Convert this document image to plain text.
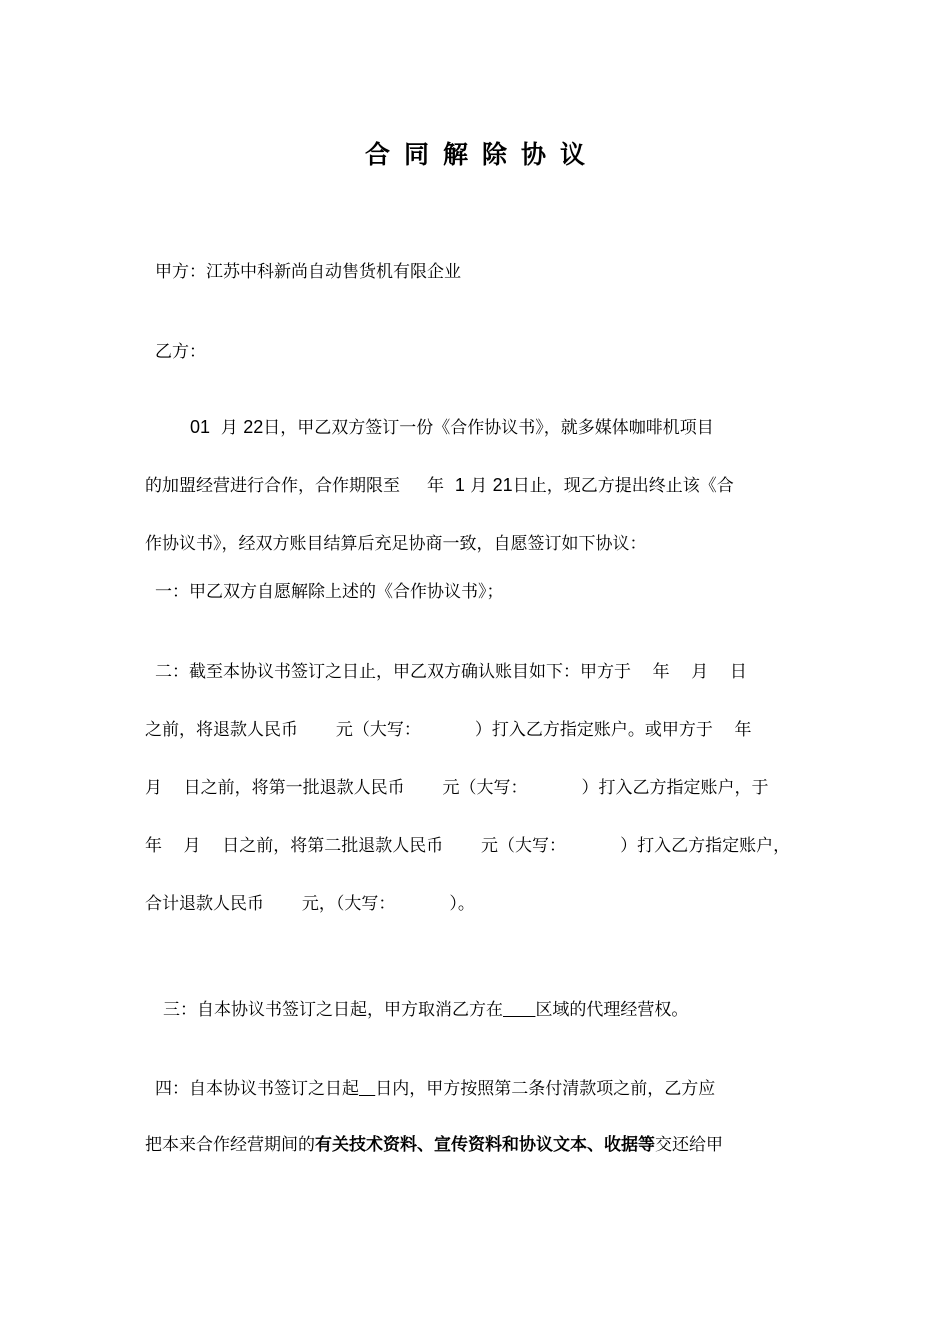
合同解除协议
甲方：江苏中科新尚自动售货机有限企业
乙方：
01 月 22日，甲乙双方签订一份《合作协议书》，就多媒体咖啡机项目
的加盟经营进行合作，合作期限至 年 1 月 21日止，现乙方提出终止该《合
作协议书》，经双方账目结算后充足协商一致，自愿签订如下协议：
一：甲乙双方自愿解除上述的《合作协议书》；
二：截至本协议书签订之日止，甲乙双方确认账目如下：甲方于    年    月    日
之前，将退款人民币       元（大写：          ）打入乙方指定账户。或甲方于    年
月    日之前，将第一批退款人民币       元（大写：          ）打入乙方指定账户，于
年    月    日之前，将第二批退款人民币       元（大写：          ）打入乙方指定账户，
合计退款人民币       元，（大写：          ）。
三：自本协议书签订之日起，甲方取消乙方在 区域的代理经营权。
四：自本协议书签订之日起 日内，甲方按照第二条付清款项之前，乙方应
把本来合作经营期间的有关技术资料、宣传资料和协议文本、收据等交还给甲
